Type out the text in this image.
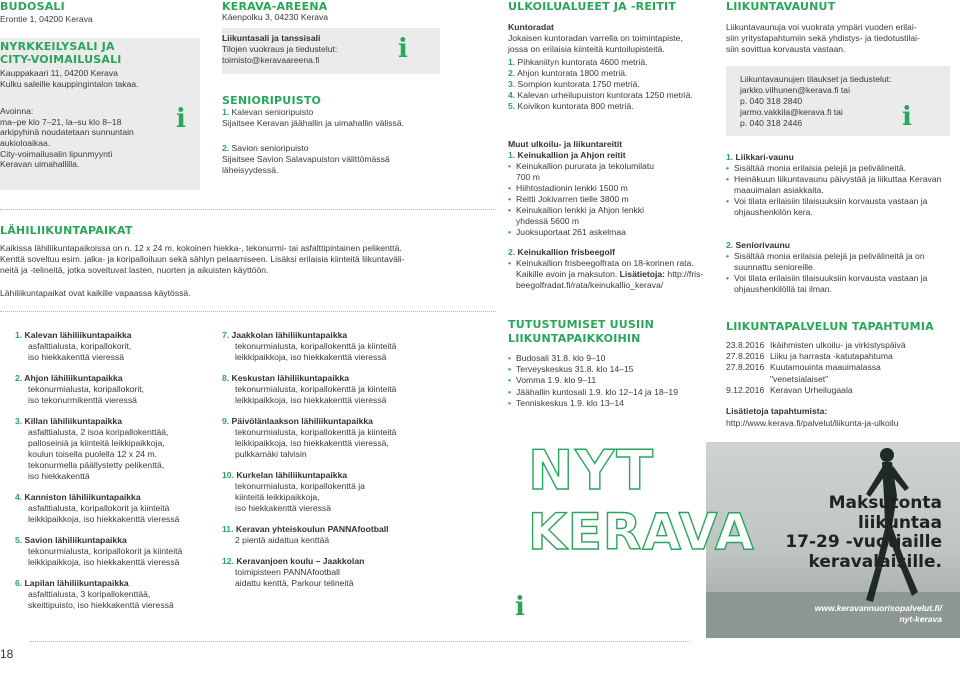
BUDOSALI
Erontie 1, 04200 Kerava
NYRKKEILYSALI JA
CITY-VOIMAILUSALI
Kauppakaari 11, 04200 Kerava
Kulku saleille kauppingintalon takaa.
Avoinna:
ma–pe klo 7–21, la–su klo 8–18
arkipyhinä noudatetaan sunnuntain
aukioloaikaa.
City-voimailusalin lipunmyynti
Keravan uimahallilla.
i
KERAVA-AREENA
Käenpolku 3, 04230 Kerava
Liikuntasali ja tanssisali
Tilojen vuokraus ja tiedustelut:
toimisto@keravaareena.fi	i
SENIORIPUISTO
1. Kalevan senioripuisto
Sijaitsee Keravan jäähallin ja uimahallin välissä.
2. Savion senioripuisto
Sijaitsee Savion Salavapuiston välittömässä
läheisyydessä.
LÄHILIIKUNTAPAIKAT
Kaikissa lähiliikuntapaikoissa on n. 12 x 24 m. kokoinen hiekka-, tekonurmi- tai asfalttipintainen pelikenttä.
Kenttä soveltuu esim. jalka- ja koripalloiluun sekä sählyn pelaamiseen. Lisäksi erilaisia kiinteitä liikuntaväli-
neitä ja -telineitä, jotka soveltuvat lasten, nuorten ja aikuisten käyttöön.
Lähiliikuntapaikat ovat kaikille vapaassa käytössä.
1. Kalevan lähiliikuntapaikka
asfalttialusta, koripallokorit,
iso hiekkakenttä vieressä
2. Ahjon lähiliikuntapaikka
tekonurmialusta, koripallokorit,
iso tekonurmikenttä vieressä
3. Killan lähiliikuntapaikka
asfalttialusta, 2 isoa koripallokenttää,
palloseiniä ja kiinteitä leikkipaikkoja,
koulun toisella puolella 12 x 24 m.
tekonurmella päällystetty pelikenttä,
iso hiekkakenttä
4. Kanniston lähiliikuntapaikka
asfalttialusta, koripallokorit ja kiinteitä
leikkipaikkoja, iso hiekkakenttä vieressä
5. Savion lähiliikuntapaikka
tekonurmialusta, koripallokorit ja kiinteitä
leikkipaikkoja, iso hiekkakenttä vieressä
6. Lapilan lähiliikuntapaikka
asfalttialusta, 3 koripallokenttää,
skeittipuisto, iso hiekkakenttä vieressä
7. Jaakkolan lähiliikuntapaikka
tekonurmialusta, koripallokenttä ja kiinteitä
leikkipaikkoja, iso hiekkakenttä vieressä
8. Keskustan lähiliikuntapaikka
tekonurmialusta, koripallokenttä ja kiinteitä
leikkipaikkoja, iso hiekkakenttä vieressä
9. Päivölänlaakson lähiliikuntapaikka
tekonurmialusta, koripallokenttä ja kiinteitä
leikkipaikkoja, iso hiekkakenttä vieressä,
pulkkamäki talvisin
10. Kurkelan lähiliikuntapaikka
tekonurmialusta, koripallokenttä ja
kiinteitä leikkipaikkoja,
iso hiekkakenttä vieressä
11. Keravan yhteiskoulun PANNAfootball
2 pientä aidattua kenttää
12. Keravanjoen koulu – Jaakkolan
toimipisteen PANNAfootball
aidattu kenttä, Parkour telineitä
18
ULKOILUALUEET JA -REITIT
Kuntoradat
Jokaisen kuntoradan varrella on toimintapiste,
jossa on erilaisia kiinteitä kuntoilupisteitä.
1. Pihkaniityn kuntorata 4600 metriä.
2. Ahjon kuntorata 1800 metriä.
3. Sompion kuntorata 1750 metriä.
4. Kalevan urheilupuiston kuntorata 1250 metriä.
5. Koivikon kuntorata 800 metriä.
Muut ulkoilu- ja liikuntareitit
1. Keinukallion ja Ahjon reitit
• Keinukallion pururata ja tekolumilatu 700 m
• Hiihtostadionin lenkki 1500 m
• Reitti Jokivarren tielle 3800 m
• Keinukallion lenkki ja Ahjon lenkki yhdessä 5600 m
• Juoksuportaat 261 askelmaa
2. Keinukallion frisbeegolf
• Keinukallion frisbeegolfrata on 18-korinen rata. Kaikille avoin ja maksuton. Lisätietoja: http://fris-beegolfradat.fi/rata/keinukallio_kerava/
TUTUSTUMISET UUSIIN
LIIKUNTAPAIKKOIHIN
• Budosali 31.8. klo 9–10
• Terveyskeskus 31.8. klo 14–15
• Vomma 1.9. klo 9–11
• Jäähallin kuntosali 1.9. klo 12–14 ja 18–19
• Tenniskeskus 1.9. klo 13–14
i
LIIKUNTAVAUNUT
Liikuntavaunuja voi vuokrata ympäri vuoden erilai-
siin yritystapahtumiin sekä yhdistys- ja tiedotustilai-
siin sovittua korvausta vastaan.
Liikuntavaunujen tilaukset ja tiedustelut:
jarkko.vilhunen@kerava.fi tai
p. 040 318 2840
jarmo.vakkila@kerava.fi tai
p. 040 318 2446	i
1. Liikkari-vaunu
• Sisältää monia erilaisia pelejä ja pelivälineitä.
• Heinäkuun liikuntavaunu päivystää ja liikuttaa Keravan maauimalan asiakkaita.
• Voi tilata erilaisiin tilaisuuksiin korvausta vastaan ja ohjaushenkilön kera.
2. Seniorivaunu
• Sisältää monia erilaisia pelejä ja pelivälineitä ja on suunnattu senioreille.
• Voi tilata erilaisiin tilaisuuksiin korvausta vastaan ja ohjaushenkilöllä tai ilman.
LIIKUNTAPALVELUN TAPAHTUMIA
23.8.2016 Ikäihmisten ulkoilu- ja virkistyspäivä
27.8.2016 Liiku ja harrasta -katutapahtuma
27.8.2016 Kuutamouinta maauimalassa
"venetsialaiset"
9.12.2016 Keravan Urheilugaala
Lisätietoja tapahtumista:
http://www.kerava.fi/palvelut/liikunta-ja-ulkoilu
NYT
KERAVA	Maksutonta
liikuntaa
17-29 -vuotiaille
keravalaisille.
www.keravannuorisopalvelut.fi/
nyt-kerava
